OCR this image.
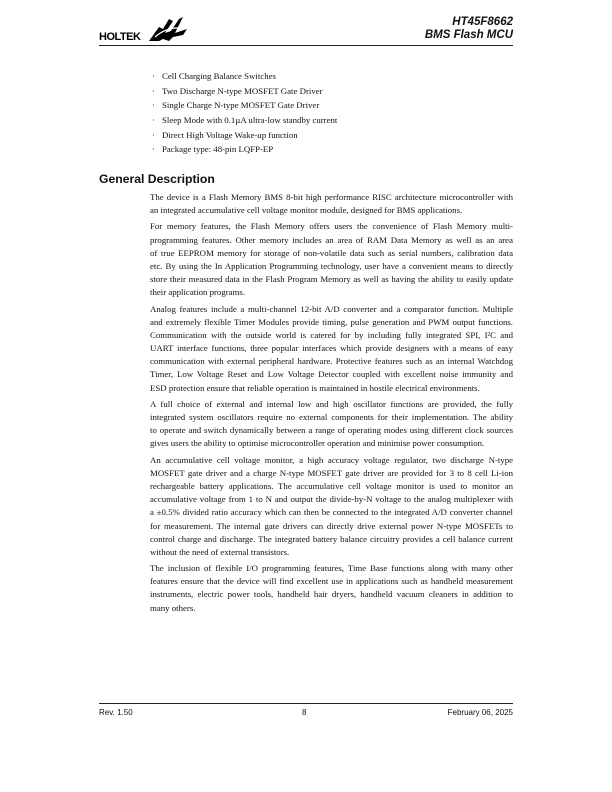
HOLTEK
HT45F8662
BMS Flash MCU
· Cell Charging Balance Switches
· Two Discharge N-type MOSFET Gate Driver
· Single Charge N-type MOSFET Gate Driver
· Sleep Mode with 0.1µA ultra-low standby current
· Direct High Voltage Wake-up function
· Package type: 48-pin LQFP-EP
General Description
The device is a Flash Memory BMS 8-bit high performance RISC architecture microcontroller with
an integrated accumulative cell voltage monitor module, designed for BMS applications.
For memory features, the Flash Memory offers users the convenience of Flash Memory multi-
programming features. Other memory includes an area of RAM Data Memory as well as an area
of true EEPROM memory for storage of non-volatile data such as serial numbers, calibration data
etc. By using the In Application Programming technology, user have a convenient means to directly
store their measured data in the Flash Program Memory as well as having the ability to easily update
their application programs.
Analog features include a multi-channel 12-bit A/D converter and a comparator function. Multiple
and extremely flexible Timer Modules provide timing, pulse generation and PWM output functions.
Communication with the outside world is catered for by including fully integrated SPI, I²C and
UART interface functions, three popular interfaces which provide designers with a means of easy
communication with external peripheral hardware. Protective features such as an internal Watchdog
Timer, Low Voltage Reset and Low Voltage Detector coupled with excellent noise immunity and
ESD protection ensure that reliable operation is maintained in hostile electrical environments.
A full choice of external and internal low and high oscillator functions are provided, the fully
integrated system oscillators require no external components for their implementation. The ability
to operate and switch dynamically between a range of operating modes using different clock sources
gives users the ability to optimise microcontroller operation and minimise power consumption.
An accumulative cell voltage monitor, a high accuracy voltage regulator, two discharge N-type
MOSFET gate driver and a charge N-type MOSFET gate driver are provided for 3 to 8 cell Li-ion
rechargeable battery applications. The accumulative cell voltage monitor is used to monitor an
accumulative voltage from 1 to N and output the divide-by-N voltage to the analog multiplexer with
a ±0.5% divided ratio accuracy which can then be connected to the integrated A/D converter channel
for measurement. The internal gate drivers can directly drive external power N-type MOSFETs to
control charge and discharge. The integrated battery balance circuitry provides a cell balance current
without the need of external transistors.
The inclusion of flexible I/O programming features, Time Base functions along with many other
features ensure that the device will find excellent use in applications such as handheld measurement
instruments, electric power tools, handheld hair dryers, handheld vacuum cleaners in addition to
many others.
Rev. 1.50	8	February 06, 2025
